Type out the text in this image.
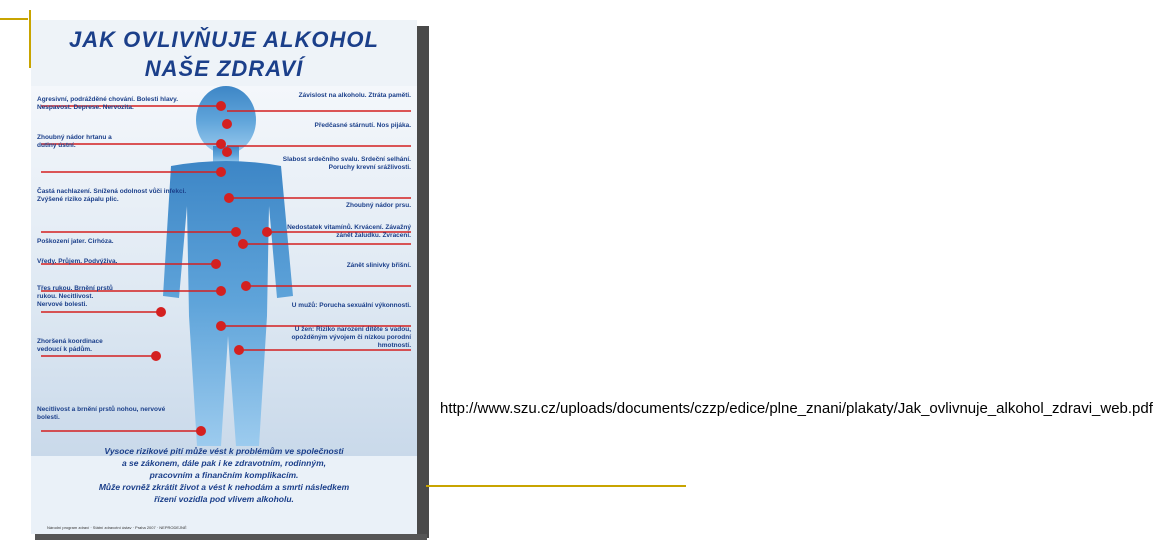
JAK OVLIVŇUJE ALKOHOL
NAŠE ZDRAVÍ
Agresivní, podrážděné chování. Bolesti hlavy. Nespavost. Deprese. Nervozita.
Zhoubný nádor hrtanu a dutiny ústní.
Častá nachlazení. Snížená odolnost vůči infekci. Zvýšené riziko zápalu plic.
Poškození jater. Cirhóza.
Vředy. Průjem. Podvýživa.
Třes rukou. Brnění prstů rukou. Necitlivost. Nervové bolesti.
Zhoršená koordinace vedoucí k pádům.
Necitlivost a brnění prstů nohou, nervové bolesti.
Závislost na alkoholu. Ztráta paměti.
Předčasné stárnutí. Nos pijáka.
Slabost srdečního svalu. Srdeční selhání. Poruchy krevní srážlivosti.
Zhoubný nádor prsu.
Nedostatek vitamínů. Krvácení. Závažný zánět žaludku. Zvracení.
Zánět slinivky břišní.
U mužů: Porucha sexuální výkonnosti.
U žen: Riziko narození dítěte s vadou, opožděným vývojem či nízkou porodní hmotností.
Vysoce rizikové pití může vést k problémům ve společnosti
a se zákonem, dále pak i ke zdravotním, rodinným,
pracovním a finančním komplikacím.
Může rovněž zkrátit život a vést k nehodám a smrti následkem
řízení vozidla pod vlivem alkoholu.
Národní program zdraví · Státní zdravotní ústav · Praha 2007 · NEPRODEJNÉ
http://www.szu.cz/uploads/documents/czzp/edice/plne_znani/plakaty/Jak_ovlivnuje_alkohol_zdravi_web.pdf
